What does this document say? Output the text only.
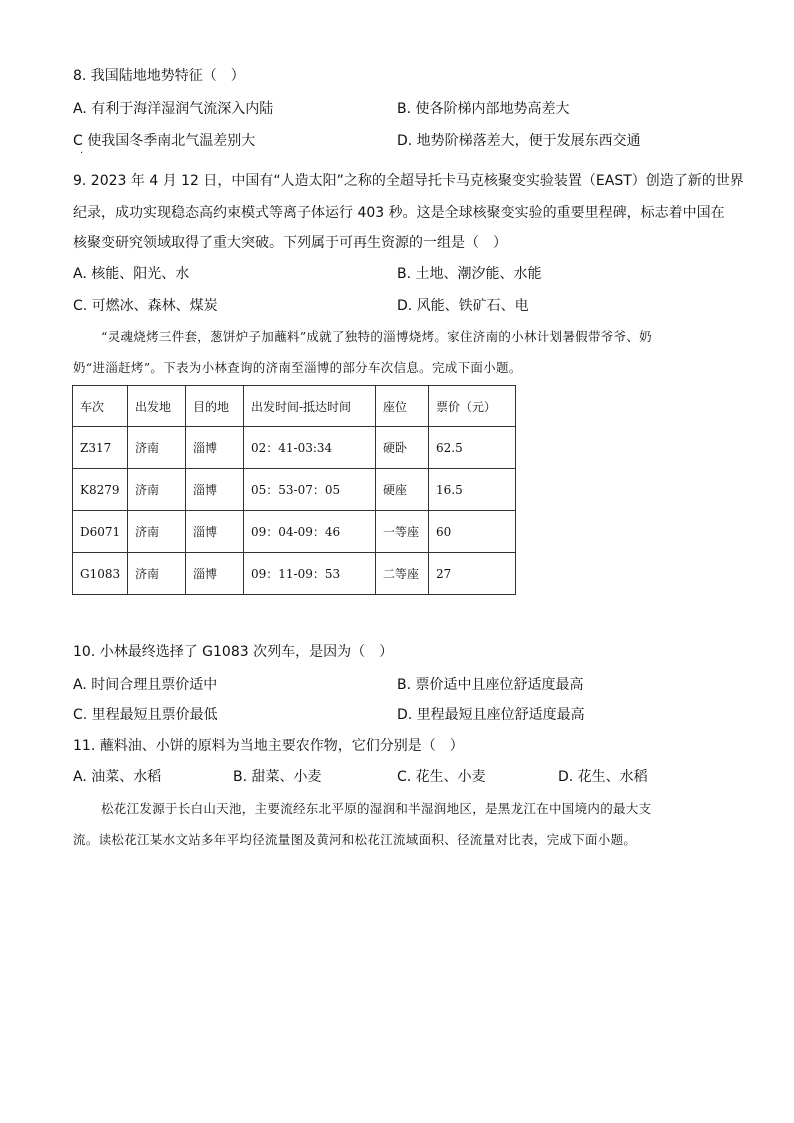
8. 我国陆地地势特征（　）
A. 有利于海洋湿润气流深入内陆	B. 使各阶梯内部地势高差大
C 使我国冬季南北气温差别大	D. 地势阶梯落差大，便于发展东西交通
·
9. 2023 年 4 月 12 日，中国有“人造太阳”之称的全超导托卡马克核聚变实验装置（EAST）创造了新的世界
纪录，成功实现稳态高约束模式等离子体运行 403 秒。这是全球核聚变实验的重要里程碑，标志着中国在
核聚变研究领域取得了重大突破。下列属于可再生资源的一组是（　）
A. 核能、阳光、水	B. 土地、潮汐能、水能
C. 可燃冰、森林、煤炭	D. 风能、铁矿石、电
“灵魂烧烤三件套，葱饼炉子加蘸料”成就了独特的淄博烧烤。家住济南的小林计划暑假带爷爷、奶
奶“进淄赶烤”。下表为小林查询的济南至淄博的部分车次信息。完成下面小题。
车次	出发地	目的地	出发时间-抵达时间	座位	票价（元）
Z317	济南	淄博	02：41-03:34	硬卧	62.5
K8279	济南	淄博	05：53-07：05	硬座	16.5
D6071	济南	淄博	09：04-09：46	一等座	60
G1083	济南	淄博	09：11-09：53	二等座	27
10. 小林最终选择了 G1083 次列车，是因为（　）
A. 时间合理且票价适中	B. 票价适中且座位舒适度最高
C. 里程最短且票价最低	D. 里程最短且座位舒适度最高
11. 蘸料油、小饼的原料为当地主要农作物，它们分别是（　）
A. 油菜、水稻	B. 甜菜、小麦	C. 花生、小麦	D. 花生、水稻
松花江发源于长白山天池，主要流经东北平原的湿润和半湿润地区，是黑龙江在中国境内的最大支
流。读松花江某水文站多年平均径流量图及黄河和松花江流域面积、径流量对比表，完成下面小题。
